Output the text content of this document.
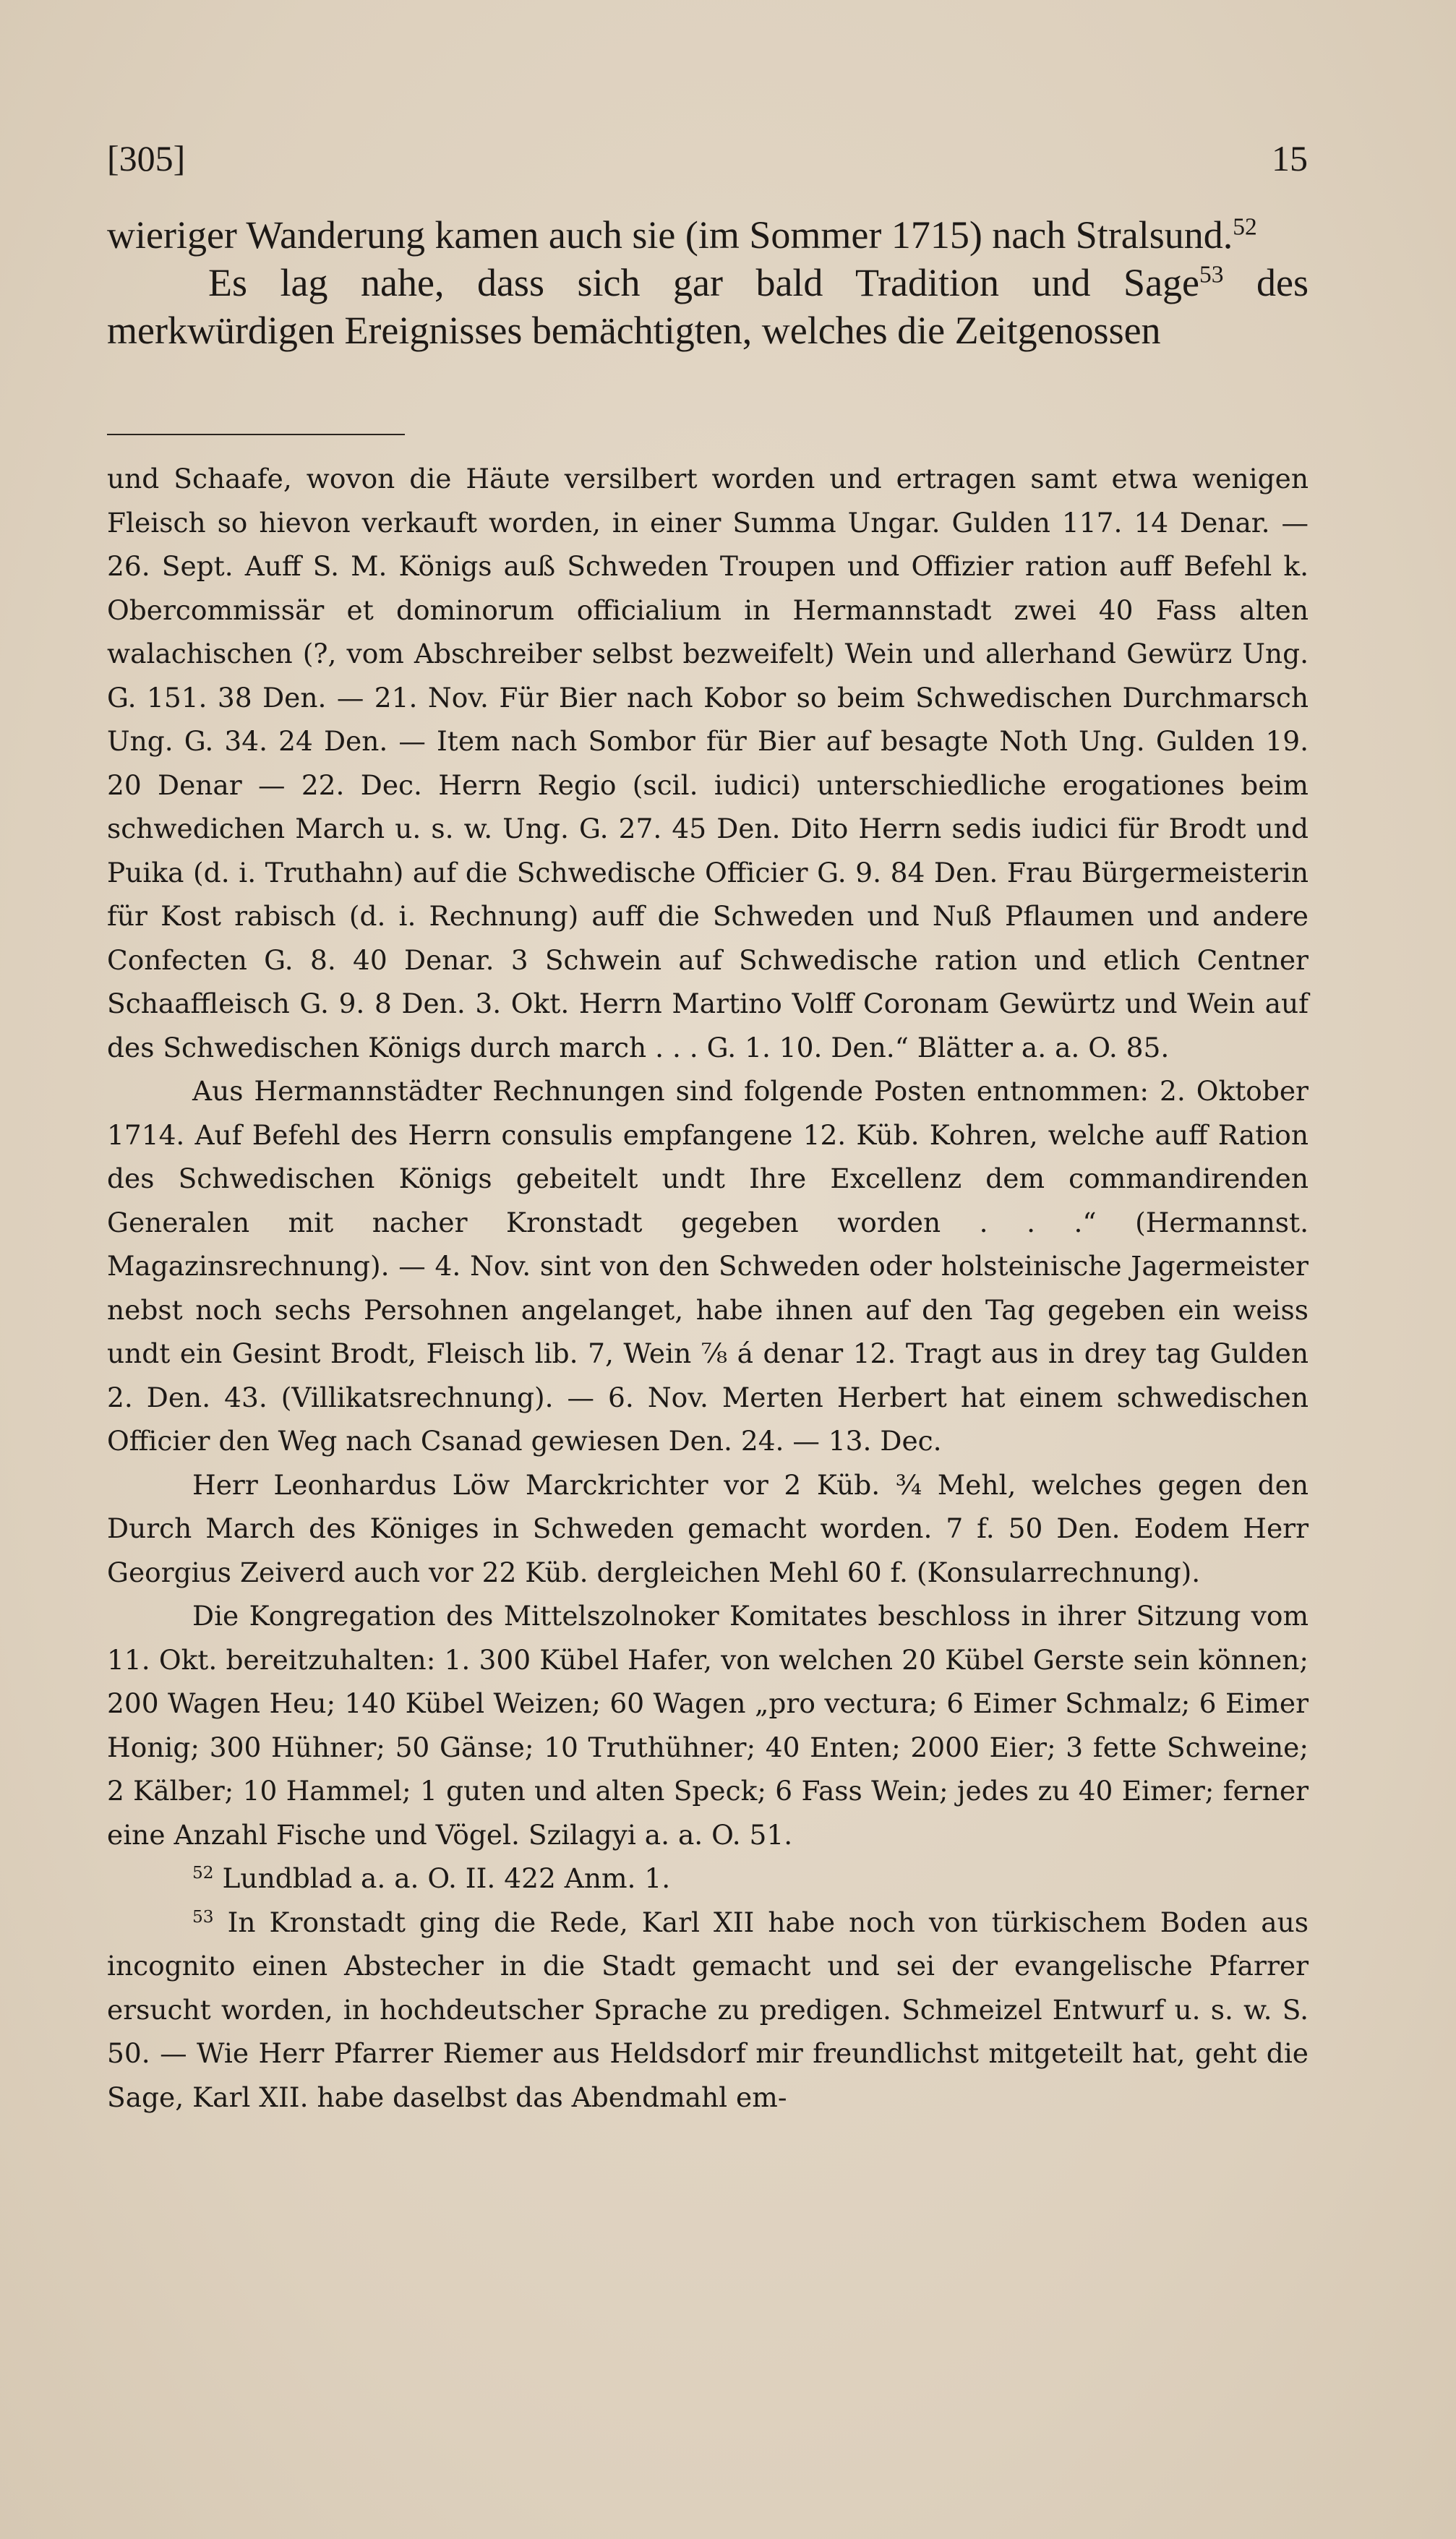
[305]	15

wieriger Wanderung kamen auch sie (im Sommer 1715) nach Stralsund.$^{52}$

Es lag nahe, dass sich gar bald Tradition und Sage$^{53}$ des merkwürdigen Ereignisses bemächtigten, welches die Zeitgenossen

und Schaafe, wovon die Häute versilbert worden und ertragen samt etwa wenigen Fleisch so hievon verkauft worden, in einer Summa Ungar. Gulden 117. 14 Denar. — 26. Sept. Auff S. M. Königs auß Schweden Troupen und Offizier ration auff Befehl k. Obercommissär et dominorum officialium in Hermannstadt zwei 40 Fass alten walachischen (?, vom Abschreiber selbst bezweifelt) Wein und allerhand Gewürz Ung. G. 151. 38 Den. — 21. Nov. Für Bier nach Kobor so beim Schwedischen Durchmarsch Ung. G. 34. 24 Den. — Item nach Sombor für Bier auf besagte Noth Ung. Gulden 19. 20 Denar — 22. Dec. Herrn Regio (scil. iudici) unterschiedliche erogationes beim schwedichen March u. s. w. Ung. G. 27. 45 Den. Dito Herrn sedis iudici für Brodt und Puika (d. i. Truthahn) auf die Schwedische Officier G. 9. 84 Den. Frau Bürgermeisterin für Kost rabisch (d. i. Rechnung) auff die Schweden und Nuß Pflaumen und andere Confecten G. 8. 40 Denar. 3 Schwein auf Schwedische ration und etlich Centner Schaaffleisch G. 9. 8 Den. 3. Okt. Herrn Martino Volff Coronam Gewürtz und Wein auf des Schwedischen Königs durch march . . . G. 1. 10. Den.“ Blätter a. a. O. 85.

Aus Hermannstädter Rechnungen sind folgende Posten entnommen: 2. Oktober 1714. Auf Befehl des Herrn consulis empfangene 12. Küb. Kohren, welche auff Ration des Schwedischen Königs gebeitelt undt Ihre Excellenz dem commandirenden Generalen mit nacher Kronstadt gegeben worden . . .“ (Hermannst. Magazinsrechnung). — 4. Nov. sint von den Schweden oder holsteinische Jagermeister nebst noch sechs Persohnen angelanget, habe ihnen auf den Tag gegeben ein weiss undt ein Gesint Brodt, Fleisch lib. 7, Wein ⅞ á denar 12. Tragt aus in drey tag Gulden 2. Den. 43. (Villikatsrechnung). — 6. Nov. Merten Herbert hat einem schwedischen Officier den Weg nach Csanad gewiesen Den. 24. — 13. Dec.

Herr Leonhardus Löw Marckrichter vor 2 Küb. ¾ Mehl, welches gegen den Durch March des Königes in Schweden gemacht worden. 7 f. 50 Den. Eodem Herr Georgius Zeiverd auch vor 22 Küb. dergleichen Mehl 60 f. (Konsularrechnung).

Die Kongregation des Mittelszolnoker Komitates beschloss in ihrer Sitzung vom 11. Okt. bereitzuhalten: 1. 300 Kübel Hafer, von welchen 20 Kübel Gerste sein können; 200 Wagen Heu; 140 Kübel Weizen; 60 Wagen „pro vectura; 6 Eimer Schmalz; 6 Eimer Honig; 300 Hühner; 50 Gänse; 10 Truthühner; 40 Enten; 2000 Eier; 3 fette Schweine; 2 Kälber; 10 Hammel; 1 guten und alten Speck; 6 Fass Wein; jedes zu 40 Eimer; ferner eine Anzahl Fische und Vögel. Szilagyi a. a. O. 51.

$^{52}$ Lundblad a. a. O. II. 422 Anm. 1.

$^{53}$ In Kronstadt ging die Rede, Karl XII habe noch von türkischem Boden aus incognito einen Abstecher in die Stadt gemacht und sei der evangelische Pfarrer ersucht worden, in hochdeutscher Sprache zu predigen. Schmeizel Entwurf u. s. w. S. 50. — Wie Herr Pfarrer Riemer aus Heldsdorf mir freundlichst mitgeteilt hat, geht die Sage, Karl XII. habe daselbst das Abendmahl em-
